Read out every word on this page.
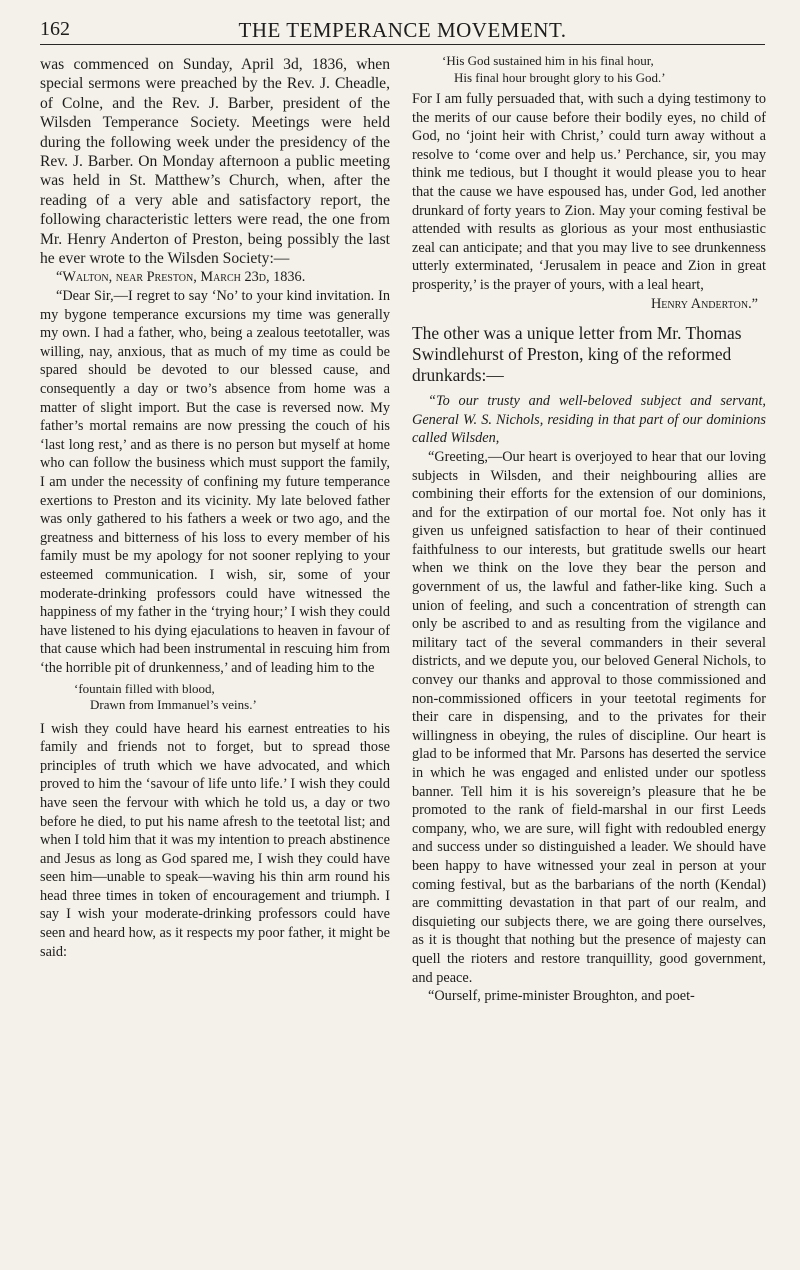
162	THE TEMPERANCE MOVEMENT.

was commenced on Sunday, April 3d, 1836, when special sermons were preached by the Rev. J. Cheadle, of Colne, and the Rev. J. Barber, president of the Wilsden Temperance Society. Meetings were held during the following week under the presidency of the Rev. J. Barber. On Monday afternoon a public meeting was held in St. Matthew’s Church, when, after the reading of a very able and satisfactory report, the following characteristic letters were read, the one from Mr. Henry Anderton of Preston, being possibly the last he ever wrote to the Wilsden Society:—

“Walton, near Preston, March 23d, 1836.

“Dear Sir,—I regret to say ‘No’ to your kind invitation. In my bygone temperance excursions my time was generally my own. I had a father, who, being a zealous teetotaller, was willing, nay, anxious, that as much of my time as could be spared should be devoted to our blessed cause, and consequently a day or two’s absence from home was a matter of slight import. But the case is reversed now. My father’s mortal remains are now pressing the couch of his ‘last long rest,’ and as there is no person but myself at home who can follow the business which must support the family, I am under the necessity of confining my future temperance exertions to Preston and its vicinity. My late beloved father was only gathered to his fathers a week or two ago, and the greatness and bitterness of his loss to every member of his family must be my apology for not sooner replying to your esteemed communication. I wish, sir, some of your moderate-drinking professors could have witnessed the happiness of my father in the ‘trying hour;’ I wish they could have listened to his dying ejaculations to heaven in favour of that cause which had been instrumental in rescuing him from ‘the horrible pit of drunkenness,’ and of leading him to the

‘fountain filled with blood,
Drawn from Immanuel’s veins.’

I wish they could have heard his earnest entreaties to his family and friends not to forget, but to spread those principles of truth which we have advocated, and which proved to him the ‘savour of life unto life.’ I wish they could have seen the fervour with which he told us, a day or two before he died, to put his name afresh to the teetotal list; and when I told him that it was my intention to preach abstinence and Jesus as long as God spared me, I wish they could have seen him—unable to speak—waving his thin arm round his head three times in token of encouragement and triumph. I say I wish your moderate-drinking professors could have seen and heard how, as it respects my poor father, it might be said:

‘His God sustained him in his final hour,
His final hour brought glory to his God.’

For I am fully persuaded that, with such a dying testimony to the merits of our cause before their bodily eyes, no child of God, no ‘joint heir with Christ,’ could turn away without a resolve to ‘come over and help us.’ Perchance, sir, you may think me tedious, but I thought it would please you to hear that the cause we have espoused has, under God, led another drunkard of forty years to Zion. May your coming festival be attended with results as glorious as your most enthusiastic zeal can anticipate; and that you may live to see drunkenness utterly exterminated, ‘Jerusalem in peace and Zion in great prosperity,’ is the prayer of yours, with a leal heart,

Henry Anderton.”

The other was a unique letter from Mr. Thomas Swindlehurst of Preston, king of the reformed drunkards:—

“To our trusty and well-beloved subject and servant, General W. S. Nichols, residing in that part of our dominions called Wilsden,

“Greeting,—Our heart is overjoyed to hear that our loving subjects in Wilsden, and their neighbouring allies are combining their efforts for the extension of our dominions, and for the extirpation of our mortal foe. Not only has it given us unfeigned satisfaction to hear of their continued faithfulness to our interests, but gratitude swells our heart when we think on the love they bear the person and government of us, the lawful and father-like king. Such a union of feeling, and such a concentration of strength can only be ascribed to and as resulting from the vigilance and military tact of the several commanders in their several districts, and we depute you, our beloved General Nichols, to convey our thanks and approval to those commissioned and non-commissioned officers in your teetotal regiments for their care in dispensing, and to the privates for their willingness in obeying, the rules of discipline. Our heart is glad to be informed that Mr. Parsons has deserted the service in which he was engaged and enlisted under our spotless banner. Tell him it is his sovereign’s pleasure that he be promoted to the rank of field-marshal in our first Leeds company, who, we are sure, will fight with redoubled energy and success under so distinguished a leader. We should have been happy to have witnessed your zeal in person at your coming festival, but as the barbarians of the north (Kendal) are committing devastation in that part of our realm, and disquieting our subjects there, we are going there ourselves, as it is thought that nothing but the presence of majesty can quell the rioters and restore tranquillity, good government, and peace.

“Ourself, prime-minister Broughton, and poet-
